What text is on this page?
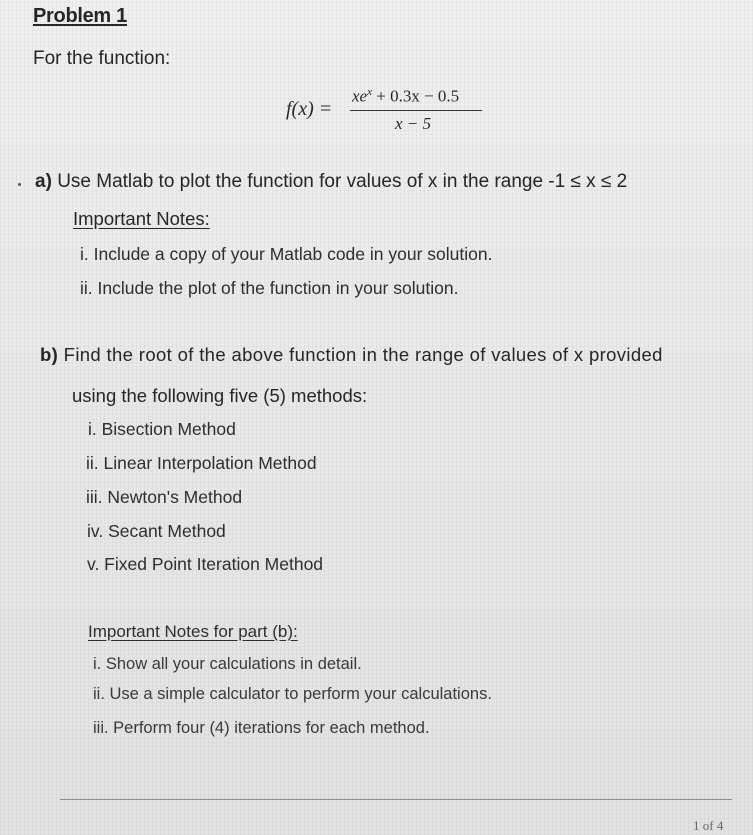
Problem 1
For the function:
f(x) =
$xe^x + 0.3x - 0.5$
x − 5
a) Use Matlab to plot the function for values of x in the range -1 ≤ x ≤ 2
Important Notes:
i. Include a copy of your Matlab code in your solution.
ii. Include the plot of the function in your solution.
b) Find the root of the above function in the range of values of x provided
using the following five (5) methods:
i. Bisection Method
ii. Linear Interpolation Method
iii. Newton's Method
iv. Secant Method
v. Fixed Point Iteration Method
Important Notes for part (b):
i. Show all your calculations in detail.
ii. Use a simple calculator to perform your calculations.
iii. Perform four (4) iterations for each method.
1 of 4
